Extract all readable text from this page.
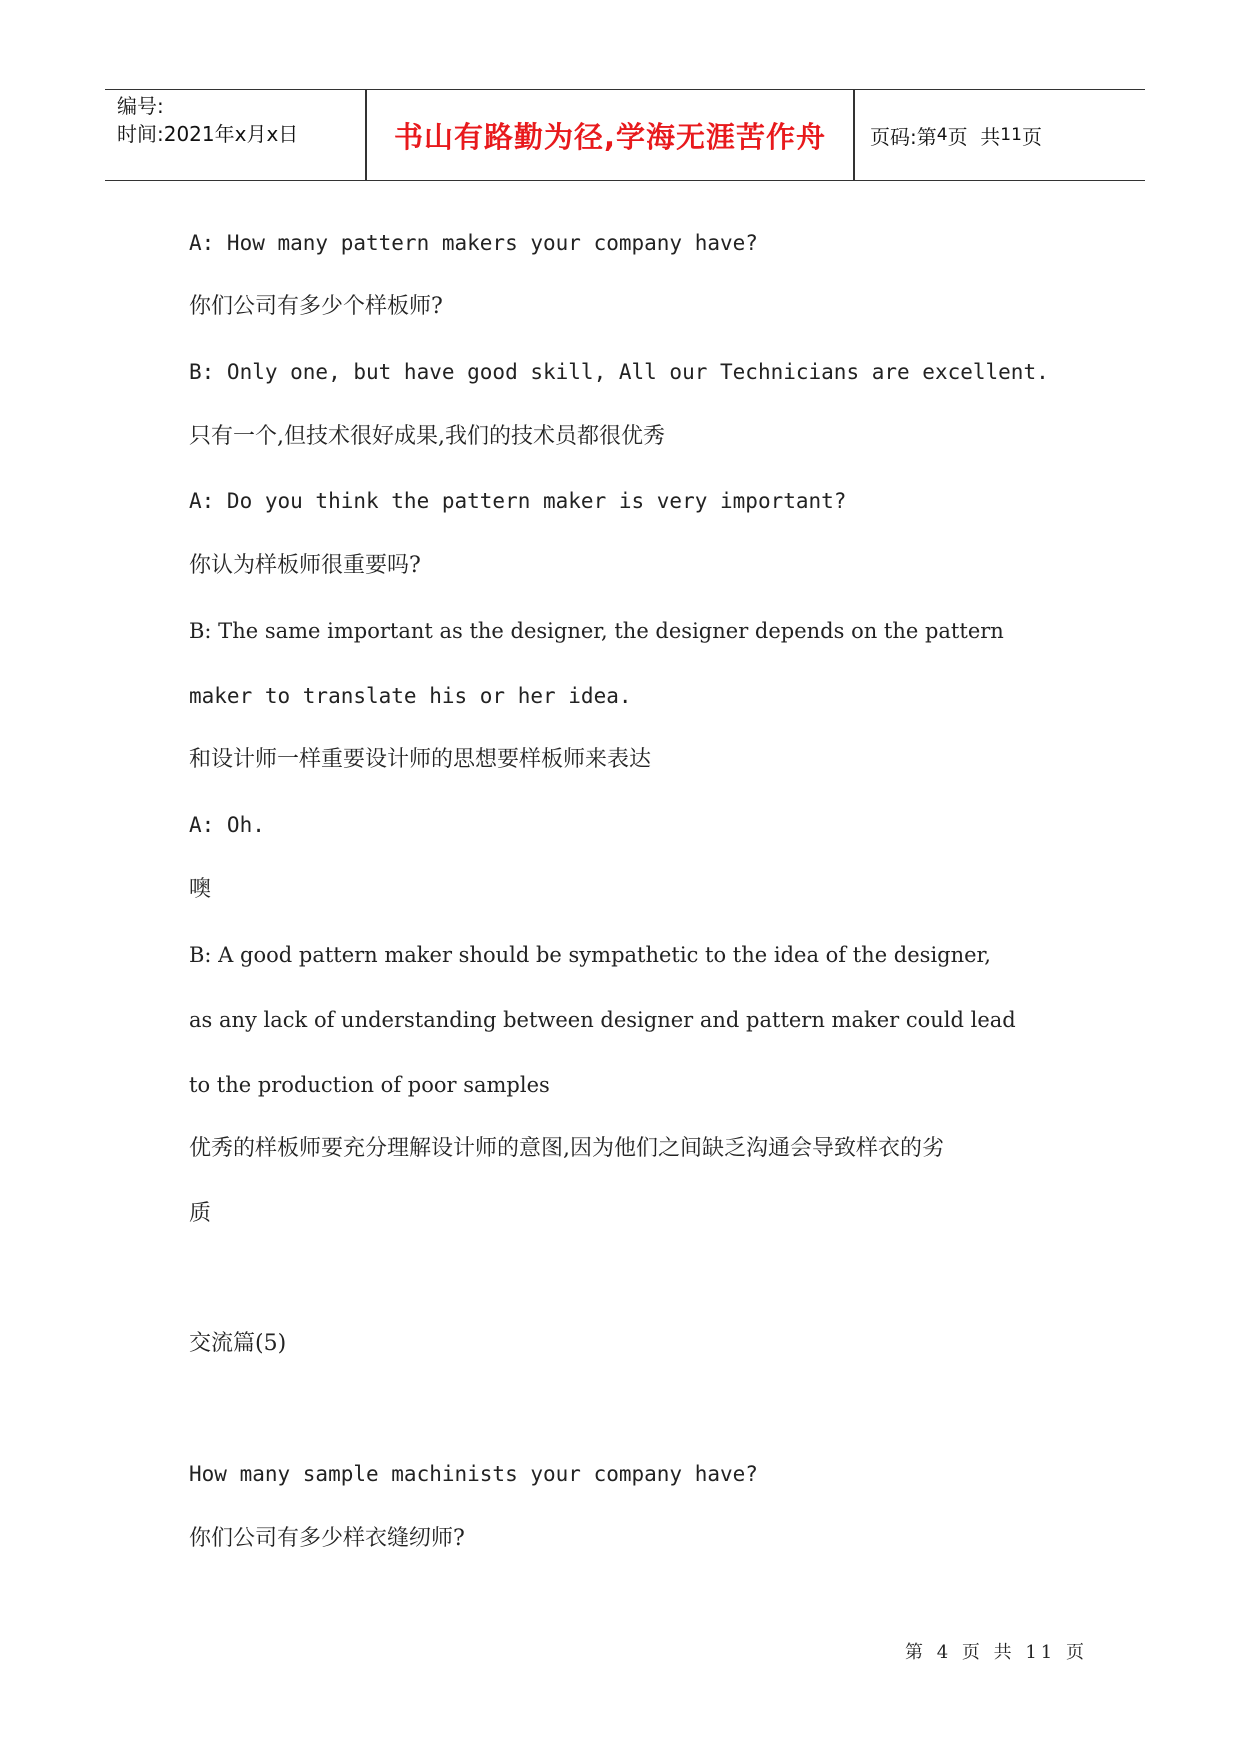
编号:
时间:2021年x月x日	书山有路勤为径,学海无涯苦作舟	页码:第 4 页  共 11 页
A: How many pattern makers your company have?
你们公司有多少个样板师?
B: Only one, but have good skill, All our Technicians are excellent.
只有一个,但技术很好成果,我们的技术员都很优秀
A: Do you think the pattern maker is very important?
你认为样板师很重要吗?
B: The same important as the designer, the designer depends on the pattern
maker to translate his or her idea.
和设计师一样重要设计师的思想要样板师来表达
A: Oh.
噢
B: A good pattern maker should be sympathetic to the idea of the designer,
as any lack of understanding between designer and pattern maker could lead
to the production of poor samples
优秀的样板师要充分理解设计师的意图,因为他们之间缺乏沟通会导致样衣的劣
质
交流篇(5)
How many sample machinists your company have?
你们公司有多少样衣缝纫师?
第 4 页 共 11 页
